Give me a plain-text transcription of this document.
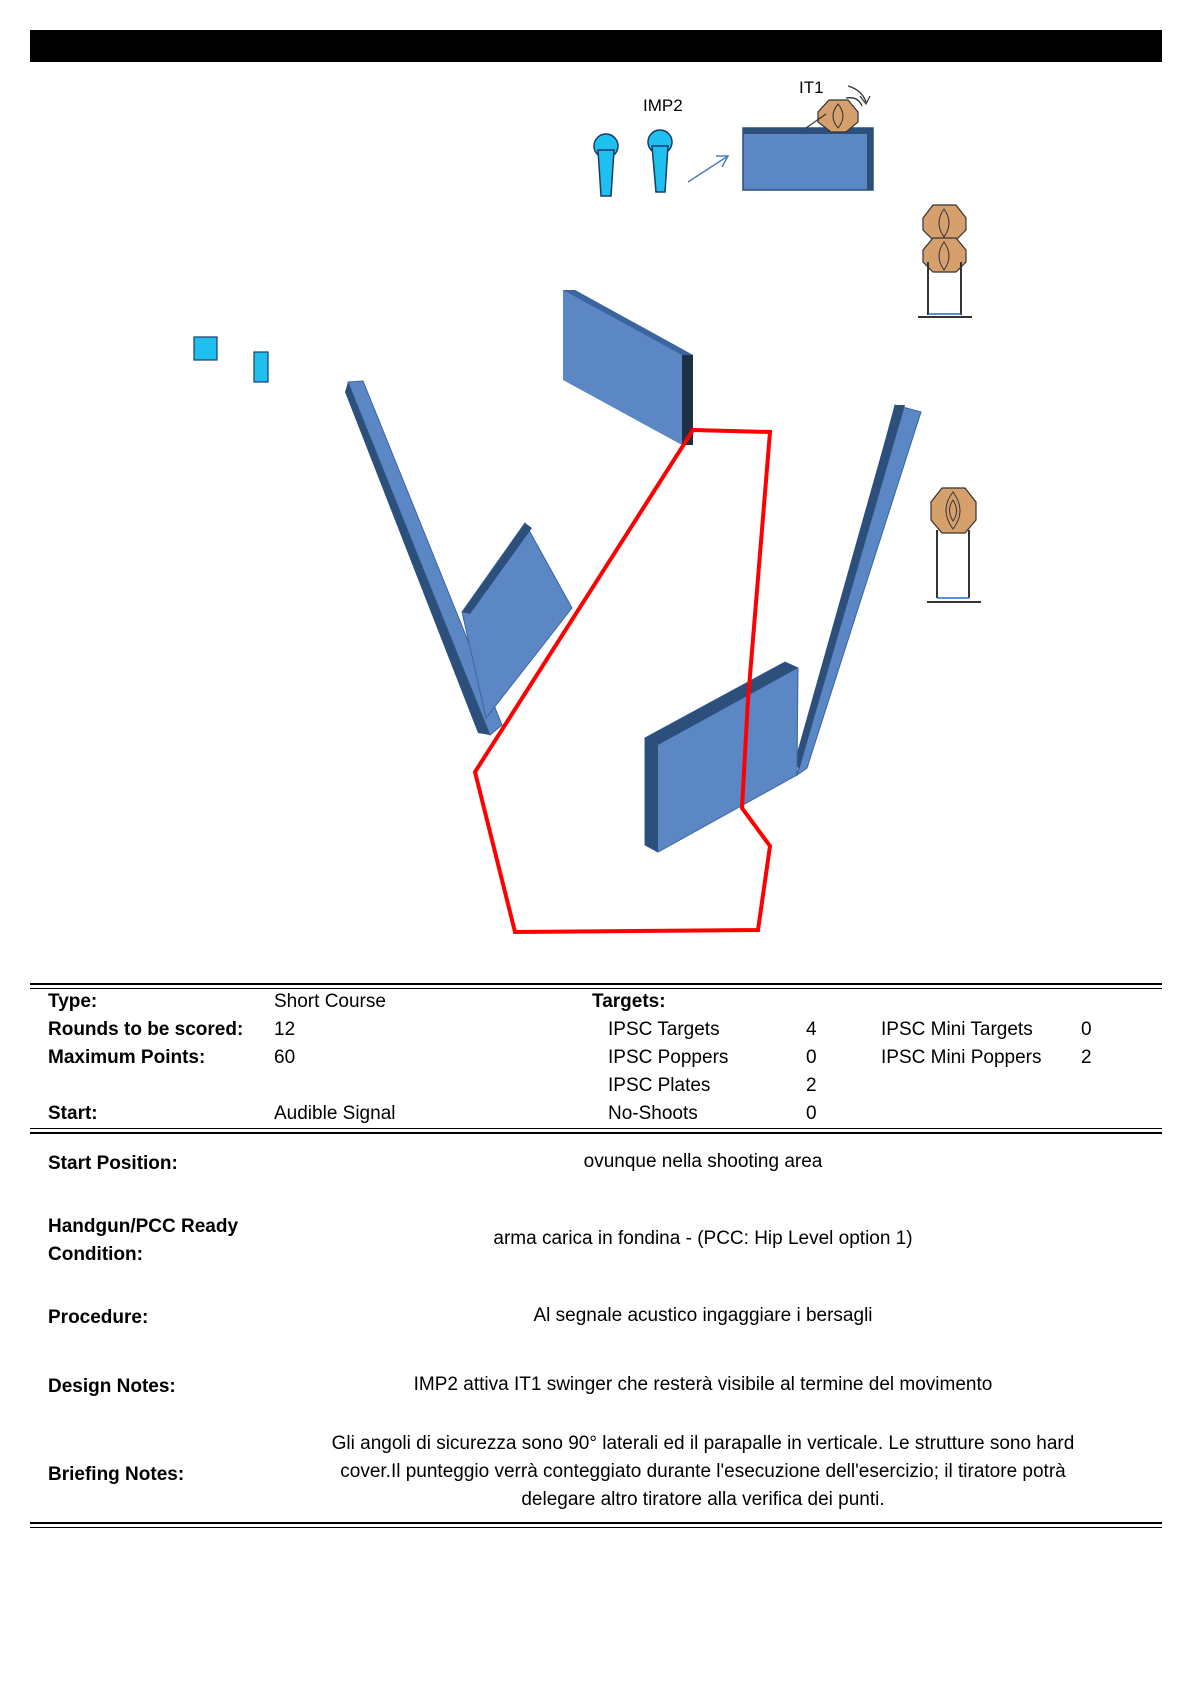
IMP2
IT1
Type:	Short Course	Targets:
Rounds to be scored: 12	IPSC Targets	4	IPSC Mini Targets	0
Maximum Points:	60	IPSC Poppers	0	IPSC Mini Poppers 2
IPSC Plates	2
Start:	Audible Signal	No-Shoots	0
Start Position:	ovunque nella shooting area
Handgun/PCC Ready
Condition:
arma carica in fondina - (PCC: Hip Level option 1)
Procedure:	Al segnale acustico ingaggiare i bersagli
Design Notes:	IMP2 attiva IT1 swinger che resterà visibile al termine del movimento
Briefing Notes:
Gli angoli di sicurezza sono 90° laterali ed il parapalle in verticale. Le strutture sono hard
cover.Il punteggio verrà conteggiato durante l'esecuzione dell'esercizio; il tiratore potrà
delegare altro tiratore alla verifica dei punti.
